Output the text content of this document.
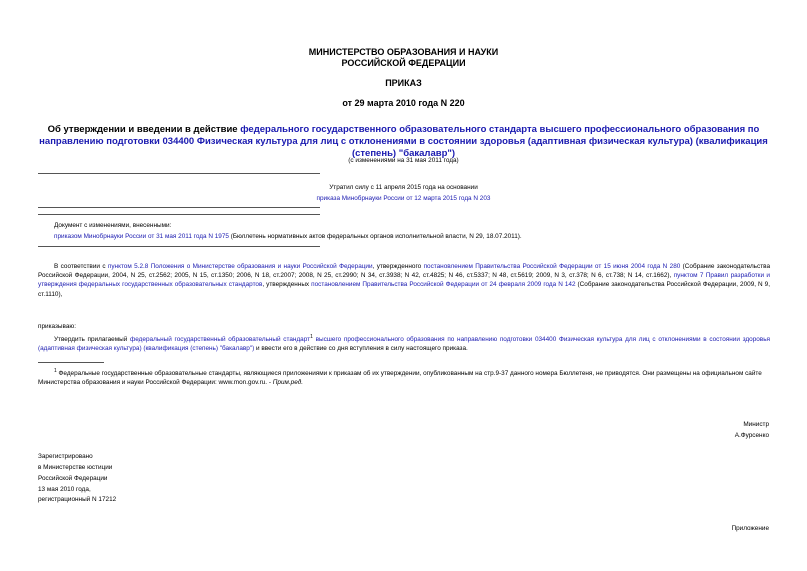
МИНИСТЕРСТВО ОБРАЗОВАНИЯ И НАУКИ
РОССИЙСКОЙ ФЕДЕРАЦИИ
ПРИКАЗ
от 29 марта 2010 года N 220
Об утверждении и введении в действие федерального государственного образовательного стандарта высшего профессионального образования по направлению подготовки 034400 Физическая культура для лиц с отклонениями в состоянии здоровья (адаптивная физическая культура) (квалификация (степень) "бакалавр")
(с изменениями на 31 мая 2011 года)
Утратил силу с 11 апреля 2015 года на основании
приказа Минобрнауки России от 12 марта 2015 года N 203
Документ с изменениями, внесенными:
приказом Минобрнауки России от 31 мая 2011 года N 1975 (Бюллетень нормативных актов федеральных органов исполнительной власти, N 29, 18.07.2011).
В соответствии с пунктом 5.2.8 Положения о Министерстве образования и науки Российской Федерации, утвержденного постановлением Правительства Российской Федерации от 15 июня 2004 года N 280 (Собрание законодательства Российской Федерации, 2004, N 25, ст.2562; 2005, N 15, ст.1350; 2006, N 18, ст.2007; 2008, N 25, ст.2990; N 34, ст.3938; N 42, ст.4825; N 46, ст.5337; N 48, ст.5619; 2009, N 3, ст.378; N 6, ст.738; N 14, ст.1662), пунктом 7 Правил разработки и утверждения федеральных государственных образовательных стандартов, утвержденных постановлением Правительства Российской Федерации от 24 февраля 2009 года N 142 (Собрание законодательства Российской Федерации, 2009, N 9, ст.1110),
приказываю:
Утвердить прилагаемый федеральный государственный образовательный стандарт$^1$ высшего профессионального образования по направлению подготовки 034400 Физическая культура для лиц с отклонениями в состоянии здоровья (адаптивная физическая культура) (квалификация (степень) "бакалавр") и ввести его в действие со дня вступления в силу настоящего приказа.
$^1$ Федеральные государственные образовательные стандарты, являющиеся приложениями к приказам об их утверждении, опубликованным на стр.9-37 данного номера Бюллетеня, не приводятся. Они размещены на официальном сайте Министерства образования и науки Российской Федерации: www.mon.gov.ru. - Прим.ред.
Министр
А.Фурсенко
Зарегистрировано
в Министерстве юстиции
Российской Федерации
13 мая 2010 года,
регистрационный N 17212
Приложение
